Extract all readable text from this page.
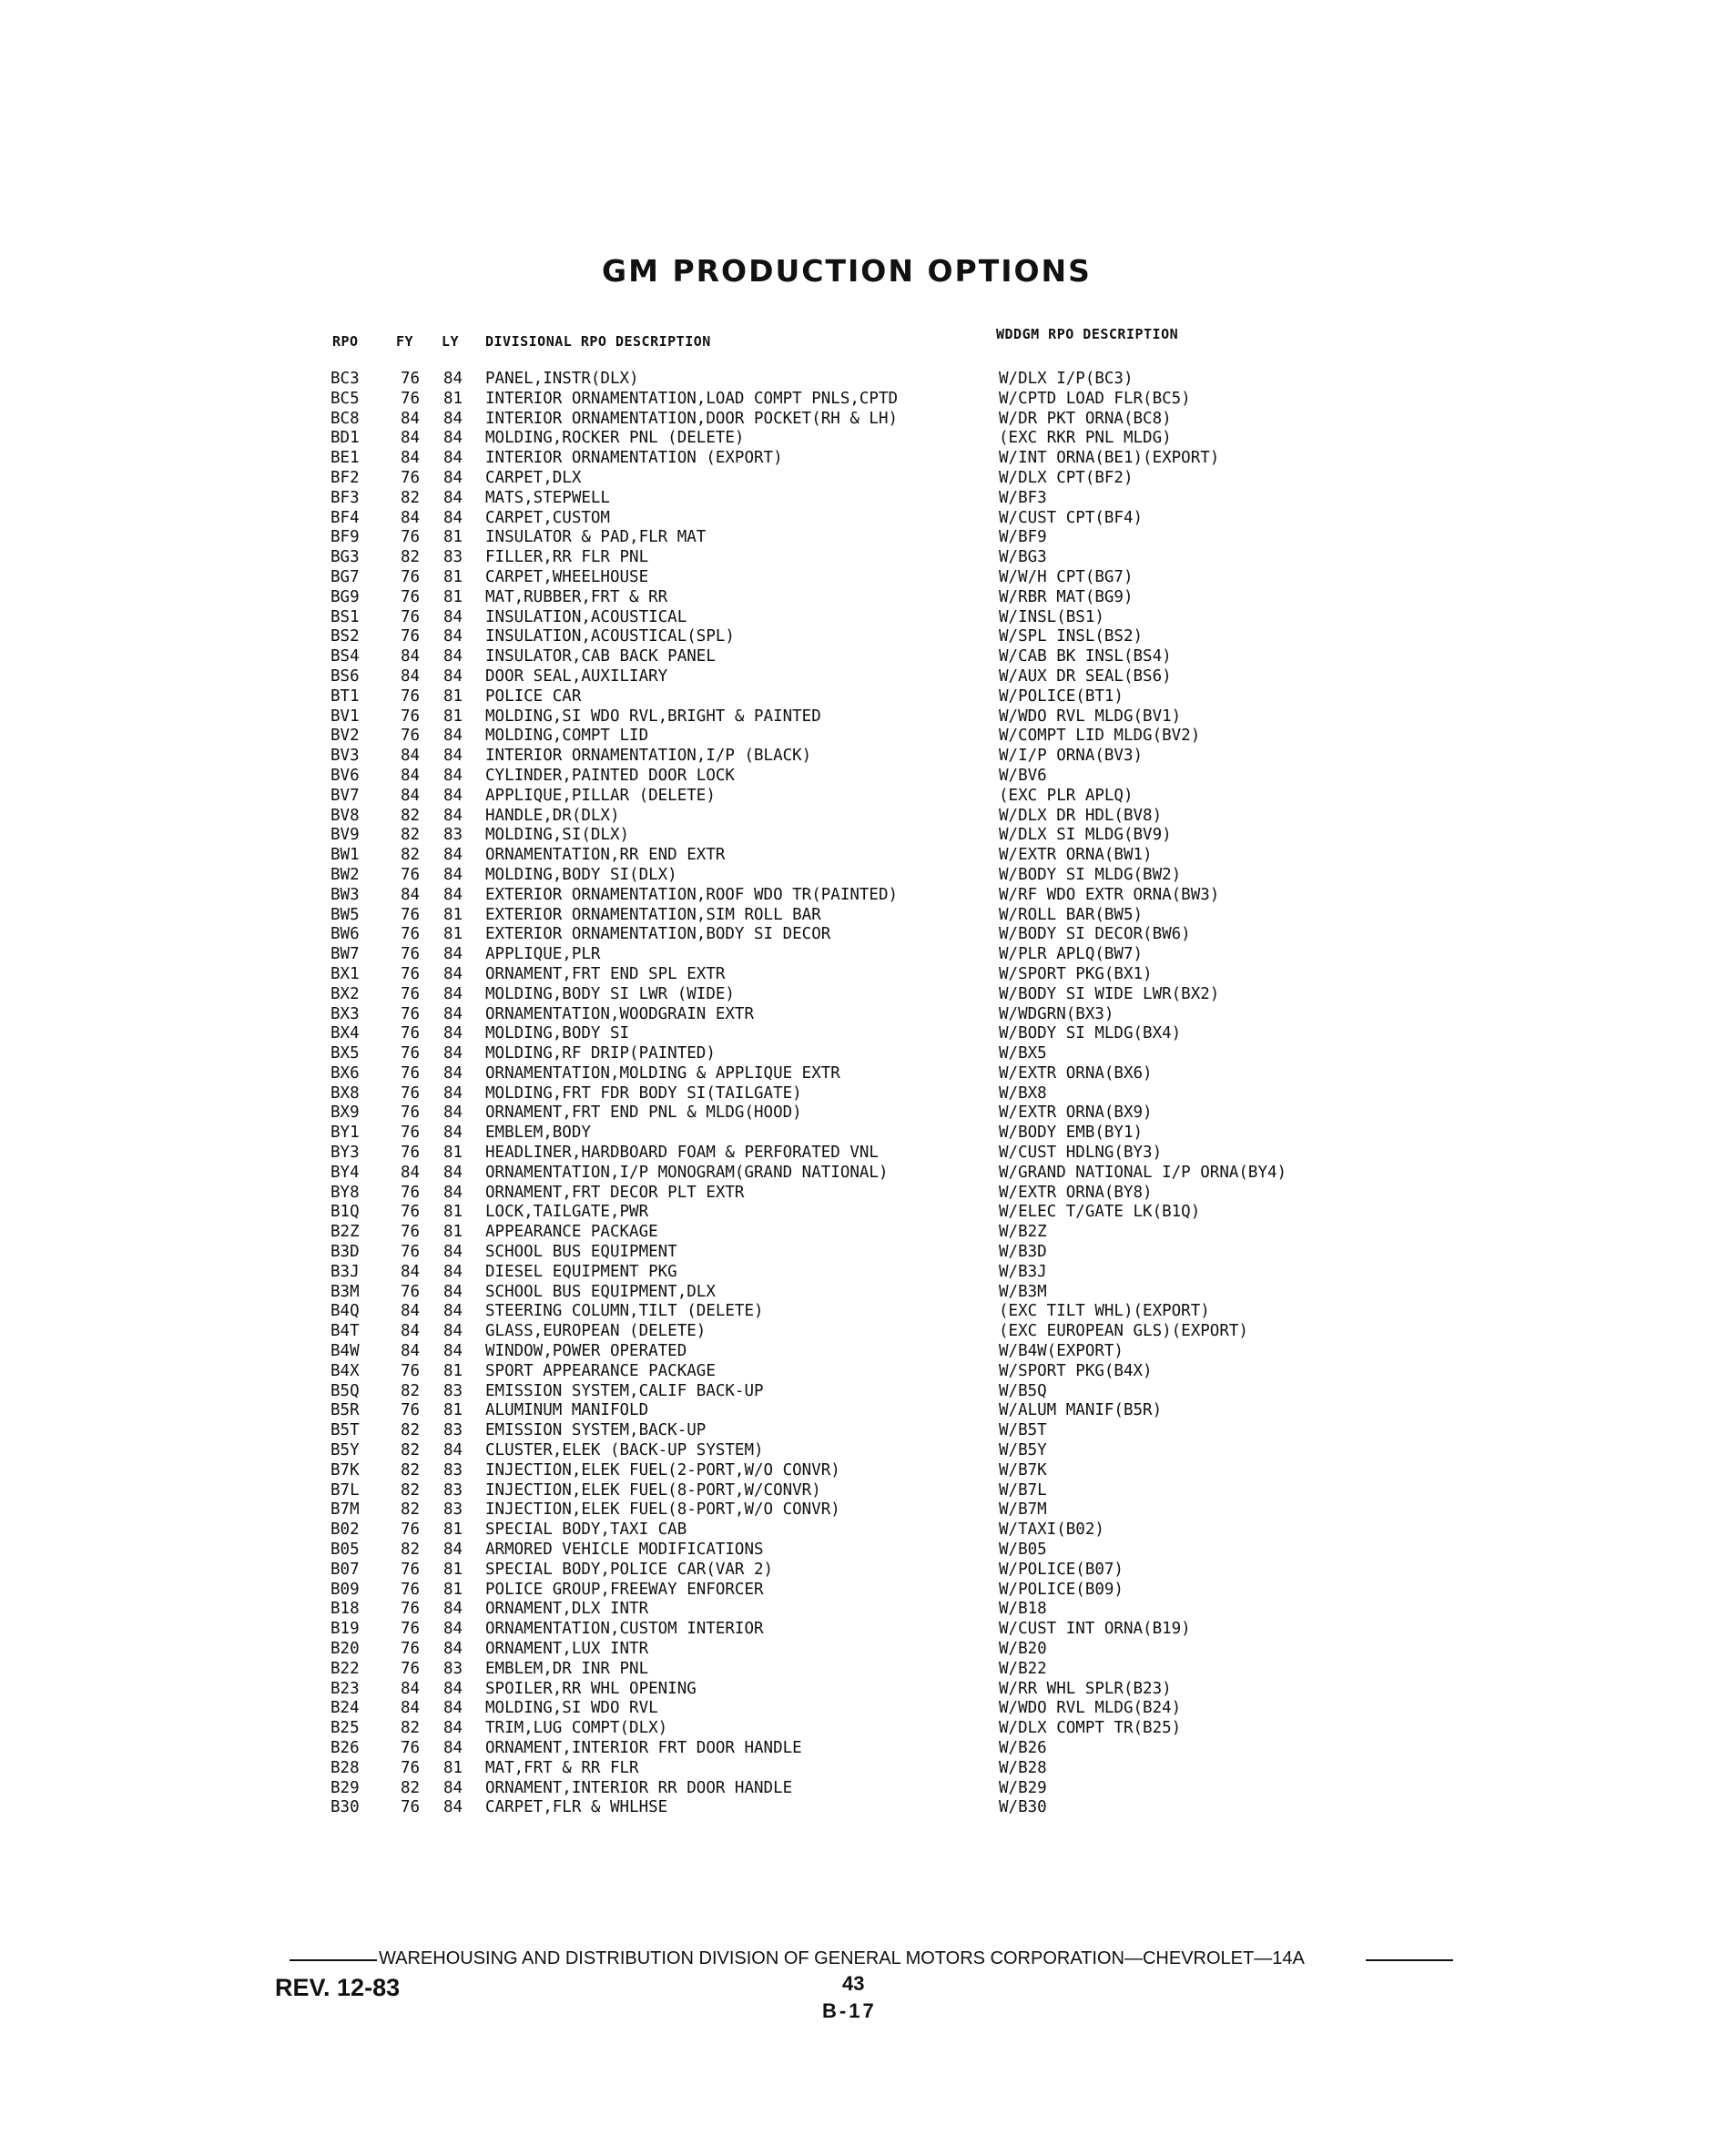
GM PRODUCTION OPTIONS
RPO	FY LY DIVISIONAL RPO DESCRIPTION	WDDGM RPO DESCRIPTION
BC3	76 84 PANEL,INSTR(DLX)	W/DLX I/P(BC3)
BC5	76 81 INTERIOR ORNAMENTATION,LOAD COMPT PNLS,CPTD	W/CPTD LOAD FLR(BC5)
BC8	84 84 INTERIOR ORNAMENTATION,DOOR POCKET(RH & LH)	W/DR PKT ORNA(BC8)
BD1	84 84 MOLDING,ROCKER PNL (DELETE)	(EXC RKR PNL MLDG)
BE1	84 84 INTERIOR ORNAMENTATION (EXPORT)	W/INT ORNA(BE1)(EXPORT)
BF2	76 84 CARPET,DLX	W/DLX CPT(BF2)
BF3	82 84 MATS,STEPWELL	W/BF3
BF4	84 84 CARPET,CUSTOM	W/CUST CPT(BF4)
BF9	76 81 INSULATOR & PAD,FLR MAT	W/BF9
BG3	82 83 FILLER,RR FLR PNL	W/BG3
BG7	76 81 CARPET,WHEELHOUSE	W/W/H CPT(BG7)
BG9	76 81 MAT,RUBBER,FRT & RR	W/RBR MAT(BG9)
BS1	76 84 INSULATION,ACOUSTICAL	W/INSL(BS1)
BS2	76 84 INSULATION,ACOUSTICAL(SPL)	W/SPL INSL(BS2)
BS4	84 84 INSULATOR,CAB BACK PANEL	W/CAB BK INSL(BS4)
BS6	84 84 DOOR SEAL,AUXILIARY	W/AUX DR SEAL(BS6)
BT1	76 81 POLICE CAR	W/POLICE(BT1)
BV1	76 81 MOLDING,SI WDO RVL,BRIGHT & PAINTED	W/WDO RVL MLDG(BV1)
BV2	76 84 MOLDING,COMPT LID	W/COMPT LID MLDG(BV2)
BV3	84 84 INTERIOR ORNAMENTATION,I/P (BLACK)	W/I/P ORNA(BV3)
BV6	84 84 CYLINDER,PAINTED DOOR LOCK	W/BV6
BV7	84 84 APPLIQUE,PILLAR (DELETE)	(EXC PLR APLQ)
BV8	82 84 HANDLE,DR(DLX)	W/DLX DR HDL(BV8)
BV9	82 83 MOLDING,SI(DLX)	W/DLX SI MLDG(BV9)
BW1	82 84 ORNAMENTATION,RR END EXTR	W/EXTR ORNA(BW1)
BW2	76 84 MOLDING,BODY SI(DLX)	W/BODY SI MLDG(BW2)
BW3	84 84 EXTERIOR ORNAMENTATION,ROOF WDO TR(PAINTED)	W/RF WDO EXTR ORNA(BW3)
BW5	76 81 EXTERIOR ORNAMENTATION,SIM ROLL BAR	W/ROLL BAR(BW5)
BW6	76 81 EXTERIOR ORNAMENTATION,BODY SI DECOR	W/BODY SI DECOR(BW6)
BW7	76 84 APPLIQUE,PLR	W/PLR APLQ(BW7)
BX1	76 84 ORNAMENT,FRT END SPL EXTR	W/SPORT PKG(BX1)
BX2	76 84 MOLDING,BODY SI LWR (WIDE)	W/BODY SI WIDE LWR(BX2)
BX3	76 84 ORNAMENTATION,WOODGRAIN EXTR	W/WDGRN(BX3)
BX4	76 84 MOLDING,BODY SI	W/BODY SI MLDG(BX4)
BX5	76 84 MOLDING,RF DRIP(PAINTED)	W/BX5
BX6	76 84 ORNAMENTATION,MOLDING & APPLIQUE EXTR	W/EXTR ORNA(BX6)
BX8	76 84 MOLDING,FRT FDR BODY SI(TAILGATE)	W/BX8
BX9	76 84 ORNAMENT,FRT END PNL & MLDG(HOOD)	W/EXTR ORNA(BX9)
BY1	76 84 EMBLEM,BODY	W/BODY EMB(BY1)
BY3	76 81 HEADLINER,HARDBOARD FOAM & PERFORATED VNL	W/CUST HDLNG(BY3)
BY4	84 84 ORNAMENTATION,I/P MONOGRAM(GRAND NATIONAL)	W/GRAND NATIONAL I/P ORNA(BY4)
BY8	76 84 ORNAMENT,FRT DECOR PLT EXTR	W/EXTR ORNA(BY8)
B1Q	76 81 LOCK,TAILGATE,PWR	W/ELEC T/GATE LK(B1Q)
B2Z	76 81 APPEARANCE PACKAGE	W/B2Z
B3D	76 84 SCHOOL BUS EQUIPMENT	W/B3D
B3J	84 84 DIESEL EQUIPMENT PKG	W/B3J
B3M	76 84 SCHOOL BUS EQUIPMENT,DLX	W/B3M
B4Q	84 84 STEERING COLUMN,TILT (DELETE)	(EXC TILT WHL)(EXPORT)
B4T	84 84 GLASS,EUROPEAN (DELETE)	(EXC EUROPEAN GLS)(EXPORT)
B4W	84 84 WINDOW,POWER OPERATED	W/B4W(EXPORT)
B4X	76 81 SPORT APPEARANCE PACKAGE	W/SPORT PKG(B4X)
B5Q	82 83 EMISSION SYSTEM,CALIF BACK-UP	W/B5Q
B5R	76 81 ALUMINUM MANIFOLD	W/ALUM MANIF(B5R)
B5T	82 83 EMISSION SYSTEM,BACK-UP	W/B5T
B5Y	82 84 CLUSTER,ELEK (BACK-UP SYSTEM)	W/B5Y
B7K	82 83 INJECTION,ELEK FUEL(2-PORT,W/O CONVR)	W/B7K
B7L	82 83 INJECTION,ELEK FUEL(8-PORT,W/CONVR)	W/B7L
B7M	82 83 INJECTION,ELEK FUEL(8-PORT,W/O CONVR)	W/B7M
B02	76 81 SPECIAL BODY,TAXI CAB	W/TAXI(B02)
B05	82 84 ARMORED VEHICLE MODIFICATIONS	W/B05
B07	76 81 SPECIAL BODY,POLICE CAR(VAR 2)	W/POLICE(B07)
B09	76 81 POLICE GROUP,FREEWAY ENFORCER	W/POLICE(B09)
B18	76 84 ORNAMENT,DLX INTR	W/B18
B19	76 84 ORNAMENTATION,CUSTOM INTERIOR	W/CUST INT ORNA(B19)
B20	76 84 ORNAMENT,LUX INTR	W/B20
B22	76 83 EMBLEM,DR INR PNL	W/B22
B23	84 84 SPOILER,RR WHL OPENING	W/RR WHL SPLR(B23)
B24	84 84 MOLDING,SI WDO RVL	W/WDO RVL MLDG(B24)
B25	82 84 TRIM,LUG COMPT(DLX)	W/DLX COMPT TR(B25)
B26	76 84 ORNAMENT,INTERIOR FRT DOOR HANDLE	W/B26
B28	76 81 MAT,FRT & RR FLR	W/B28
B29	82 84 ORNAMENT,INTERIOR RR DOOR HANDLE	W/B29
B30	76 84 CARPET,FLR & WHLHSE	W/B30
WAREHOUSING AND DISTRIBUTION DIVISION OF GENERAL MOTORS CORPORATION—CHEVROLET—14A
REV. 12-83	43
B-17
